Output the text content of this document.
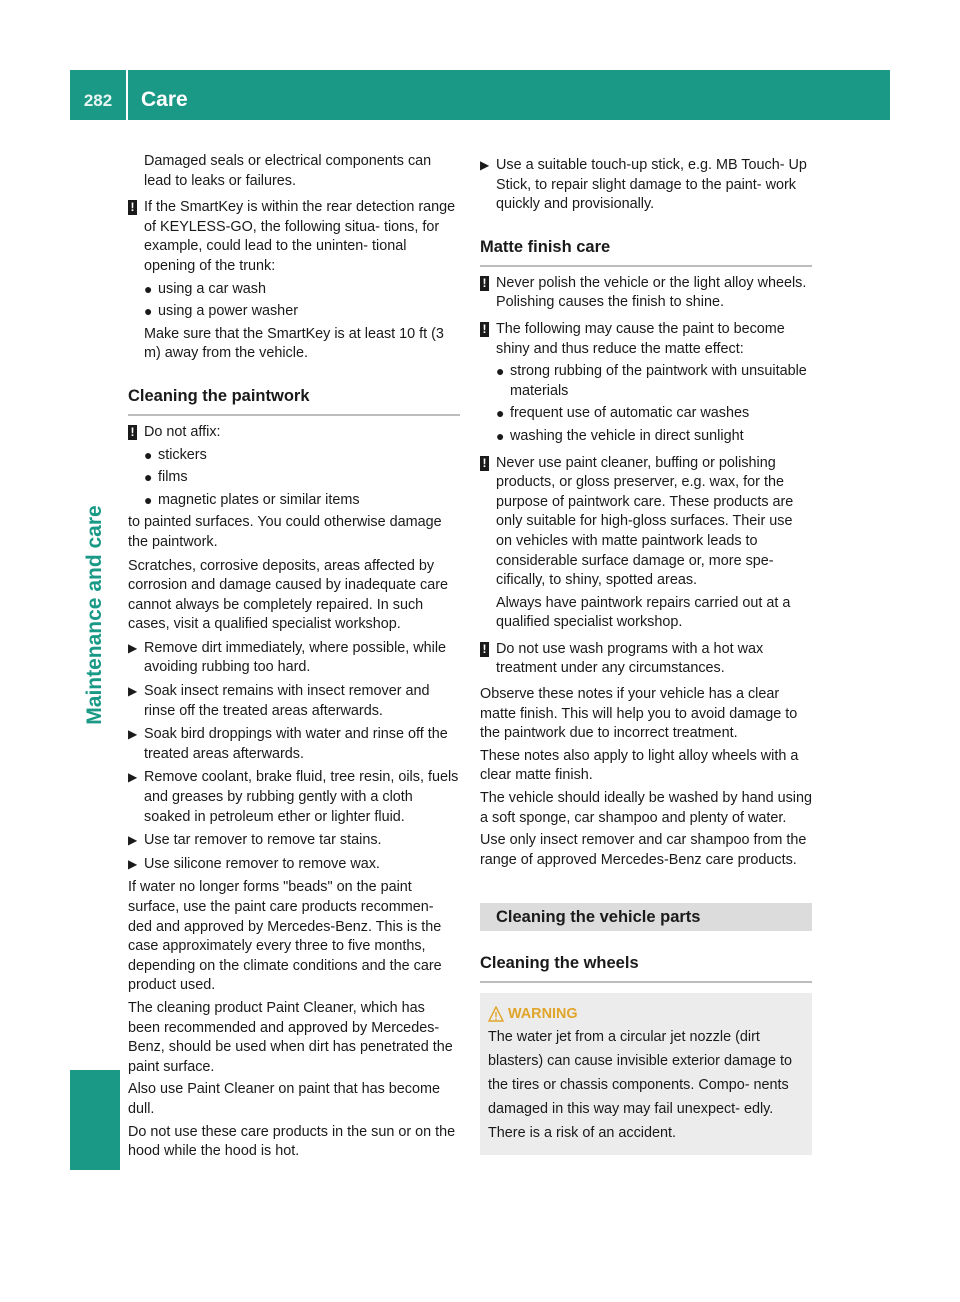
282	Care
Maintenance and care

Damaged seals or electrical components can lead to leaks or failures.

! If the SmartKey is within the rear detection range of KEYLESS-GO, the following situa- tions, for example, could lead to the uninten- tional opening of the trunk:

● using a car wash

● using a power washer

Make sure that the SmartKey is at least 10 ft (3 m) away from the vehicle.

Cleaning the paintwork

! Do not affix:

● stickers

● films

● magnetic plates or similar items

to painted surfaces. You could otherwise damage the paintwork.

Scratches, corrosive deposits, areas affected by corrosion and damage caused by inadequate care cannot always be completely repaired. In such cases, visit a qualified specialist workshop.

▶ Remove dirt immediately, where possible, while avoiding rubbing too hard.

▶ Soak insect remains with insect remover and rinse off the treated areas afterwards.

▶ Soak bird droppings with water and rinse off the treated areas afterwards.

▶ Remove coolant, brake fluid, tree resin, oils, fuels and greases by rubbing gently with a cloth soaked in petroleum ether or lighter fluid.

▶ Use tar remover to remove tar stains.

▶ Use silicone remover to remove wax.

If water no longer forms "beads" on the paint surface, use the paint care products recommen- ded and approved by Mercedes-Benz. This is the case approximately every three to five months, depending on the climate conditions and the care product used.

The cleaning product Paint Cleaner, which has been recommended and approved by Mercedes-Benz, should be used when dirt has penetrated the paint surface.

Also use Paint Cleaner on paint that has become dull.

Do not use these care products in the sun or on the hood while the hood is hot.

▶ Use a suitable touch-up stick, e.g. MB Touch- Up Stick, to repair slight damage to the paint- work quickly and provisionally.

Matte finish care

! Never polish the vehicle or the light alloy wheels. Polishing causes the finish to shine.

! The following may cause the paint to become shiny and thus reduce the matte effect:

● strong rubbing of the paintwork with unsuitable materials

● frequent use of automatic car washes

● washing the vehicle in direct sunlight

! Never use paint cleaner, buffing or polishing products, or gloss preserver, e.g. wax, for the purpose of paintwork care. These products are only suitable for high-gloss surfaces. Their use on vehicles with matte paintwork leads to considerable surface damage or, more spe- cifically, to shiny, spotted areas.

Always have paintwork repairs carried out at a qualified specialist workshop.

! Do not use wash programs with a hot wax treatment under any circumstances.

Observe these notes if your vehicle has a clear matte finish. This will help you to avoid damage to the paintwork due to incorrect treatment.

These notes also apply to light alloy wheels with a clear matte finish.

The vehicle should ideally be washed by hand using a soft sponge, car shampoo and plenty of water.

Use only insect remover and car shampoo from the range of approved Mercedes-Benz care products.

Cleaning the vehicle parts

Cleaning the wheels

WARNING

The water jet from a circular jet nozzle (dirt blasters) can cause invisible exterior damage to the tires or chassis components. Compo- nents damaged in this way may fail unexpect- edly. There is a risk of an accident.
